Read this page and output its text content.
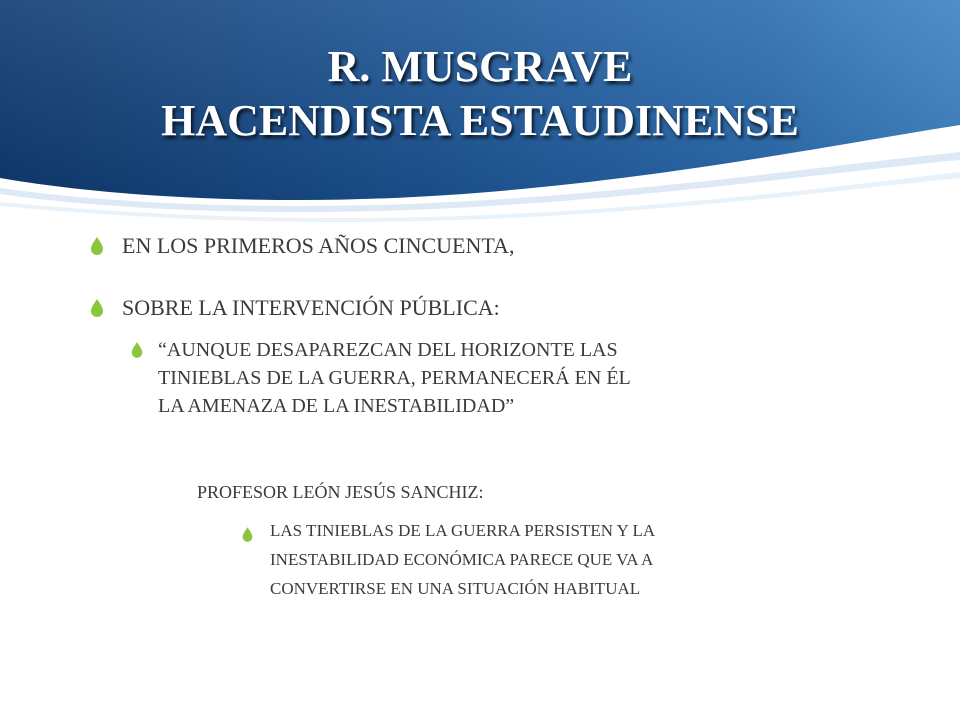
R. MUSGRAVE
HACENDISTA ESTAUDINENSE
EN LOS PRIMEROS AÑOS CINCUENTA,
SOBRE LA INTERVENCIÓN PÚBLICA:
“AUNQUE DESAPAREZCAN DEL HORIZONTE LAS
TINIEBLAS DE LA GUERRA, PERMANECERÁ EN ÉL
LA AMENAZA DE LA INESTABILIDAD”
PROFESOR LEÓN JESÚS SANCHIZ:
LAS TINIEBLAS DE LA GUERRA PERSISTEN Y LA
INESTABILIDAD ECONÓMICA PARECE QUE VA A
CONVERTIRSE EN UNA SITUACIÓN HABITUAL
